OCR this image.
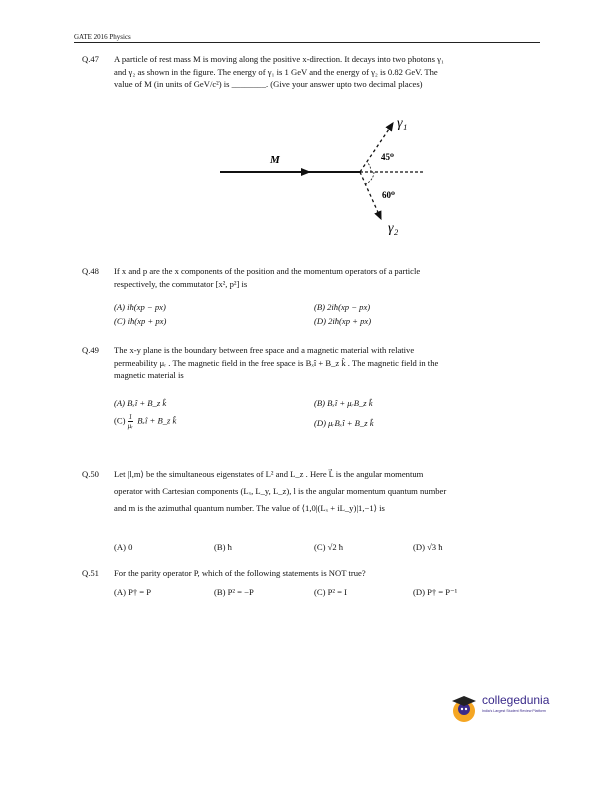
GATE 2016 Physics
Q.47	A particle of rest mass M is moving along the positive x-direction. It decays into two photons γ₁
and γ₂ as shown in the figure. The energy of γ₁ is 1 GeV and the energy of γ₂ is 0.82 GeV. The
value of M (in units of GeV/c²) is ________. (Give your answer upto two decimal places)
M	45⁰
60⁰
γ₁
γ₂
Q.48	If x and p are the x components of the position and the momentum operators of a particle
respectively, the commutator [x², p²] is
(A) iħ(xp − px)	(B) 2iħ(xp − px)
(C) iħ(xp + px)	(D) 2iħ(xp + px)
Q.49	The x-y plane is the boundary between free space and a magnetic material with relative
permeability μᵣ . The magnetic field in the free space is Bₓî + B_z k̂ . The magnetic field in the
magnetic material is
(A) Bₓî + B_z k̂	(B) Bₓî + μᵣB_z k̂
$(C) \frac{1}{\text{μᵣ}}$ Bₓî + B_z k̂	(D) μᵣBₓî + B_z k̂
Q.50	Let |l,m⟩ be the simultaneous eigenstates of L² and L_z . Here L⃗ is the angular momentum
operator with Cartesian components (Lₓ, L_y, L_z), l is the angular momentum quantum number
and m is the azimuthal quantum number. The value of ⟨1,0|(Lₓ + iL_y)|1,−1⟩ is
(A) 0	(B) ħ	(C) √2 ħ	(D) √3 ħ
Q.51	For the parity operator P, which of the following statements is NOT true?
(A) P† = P	(B) P² = −P	(C) P² = I	(D) P† = P⁻¹
collegedunia
India's Largest Student Review Platform
